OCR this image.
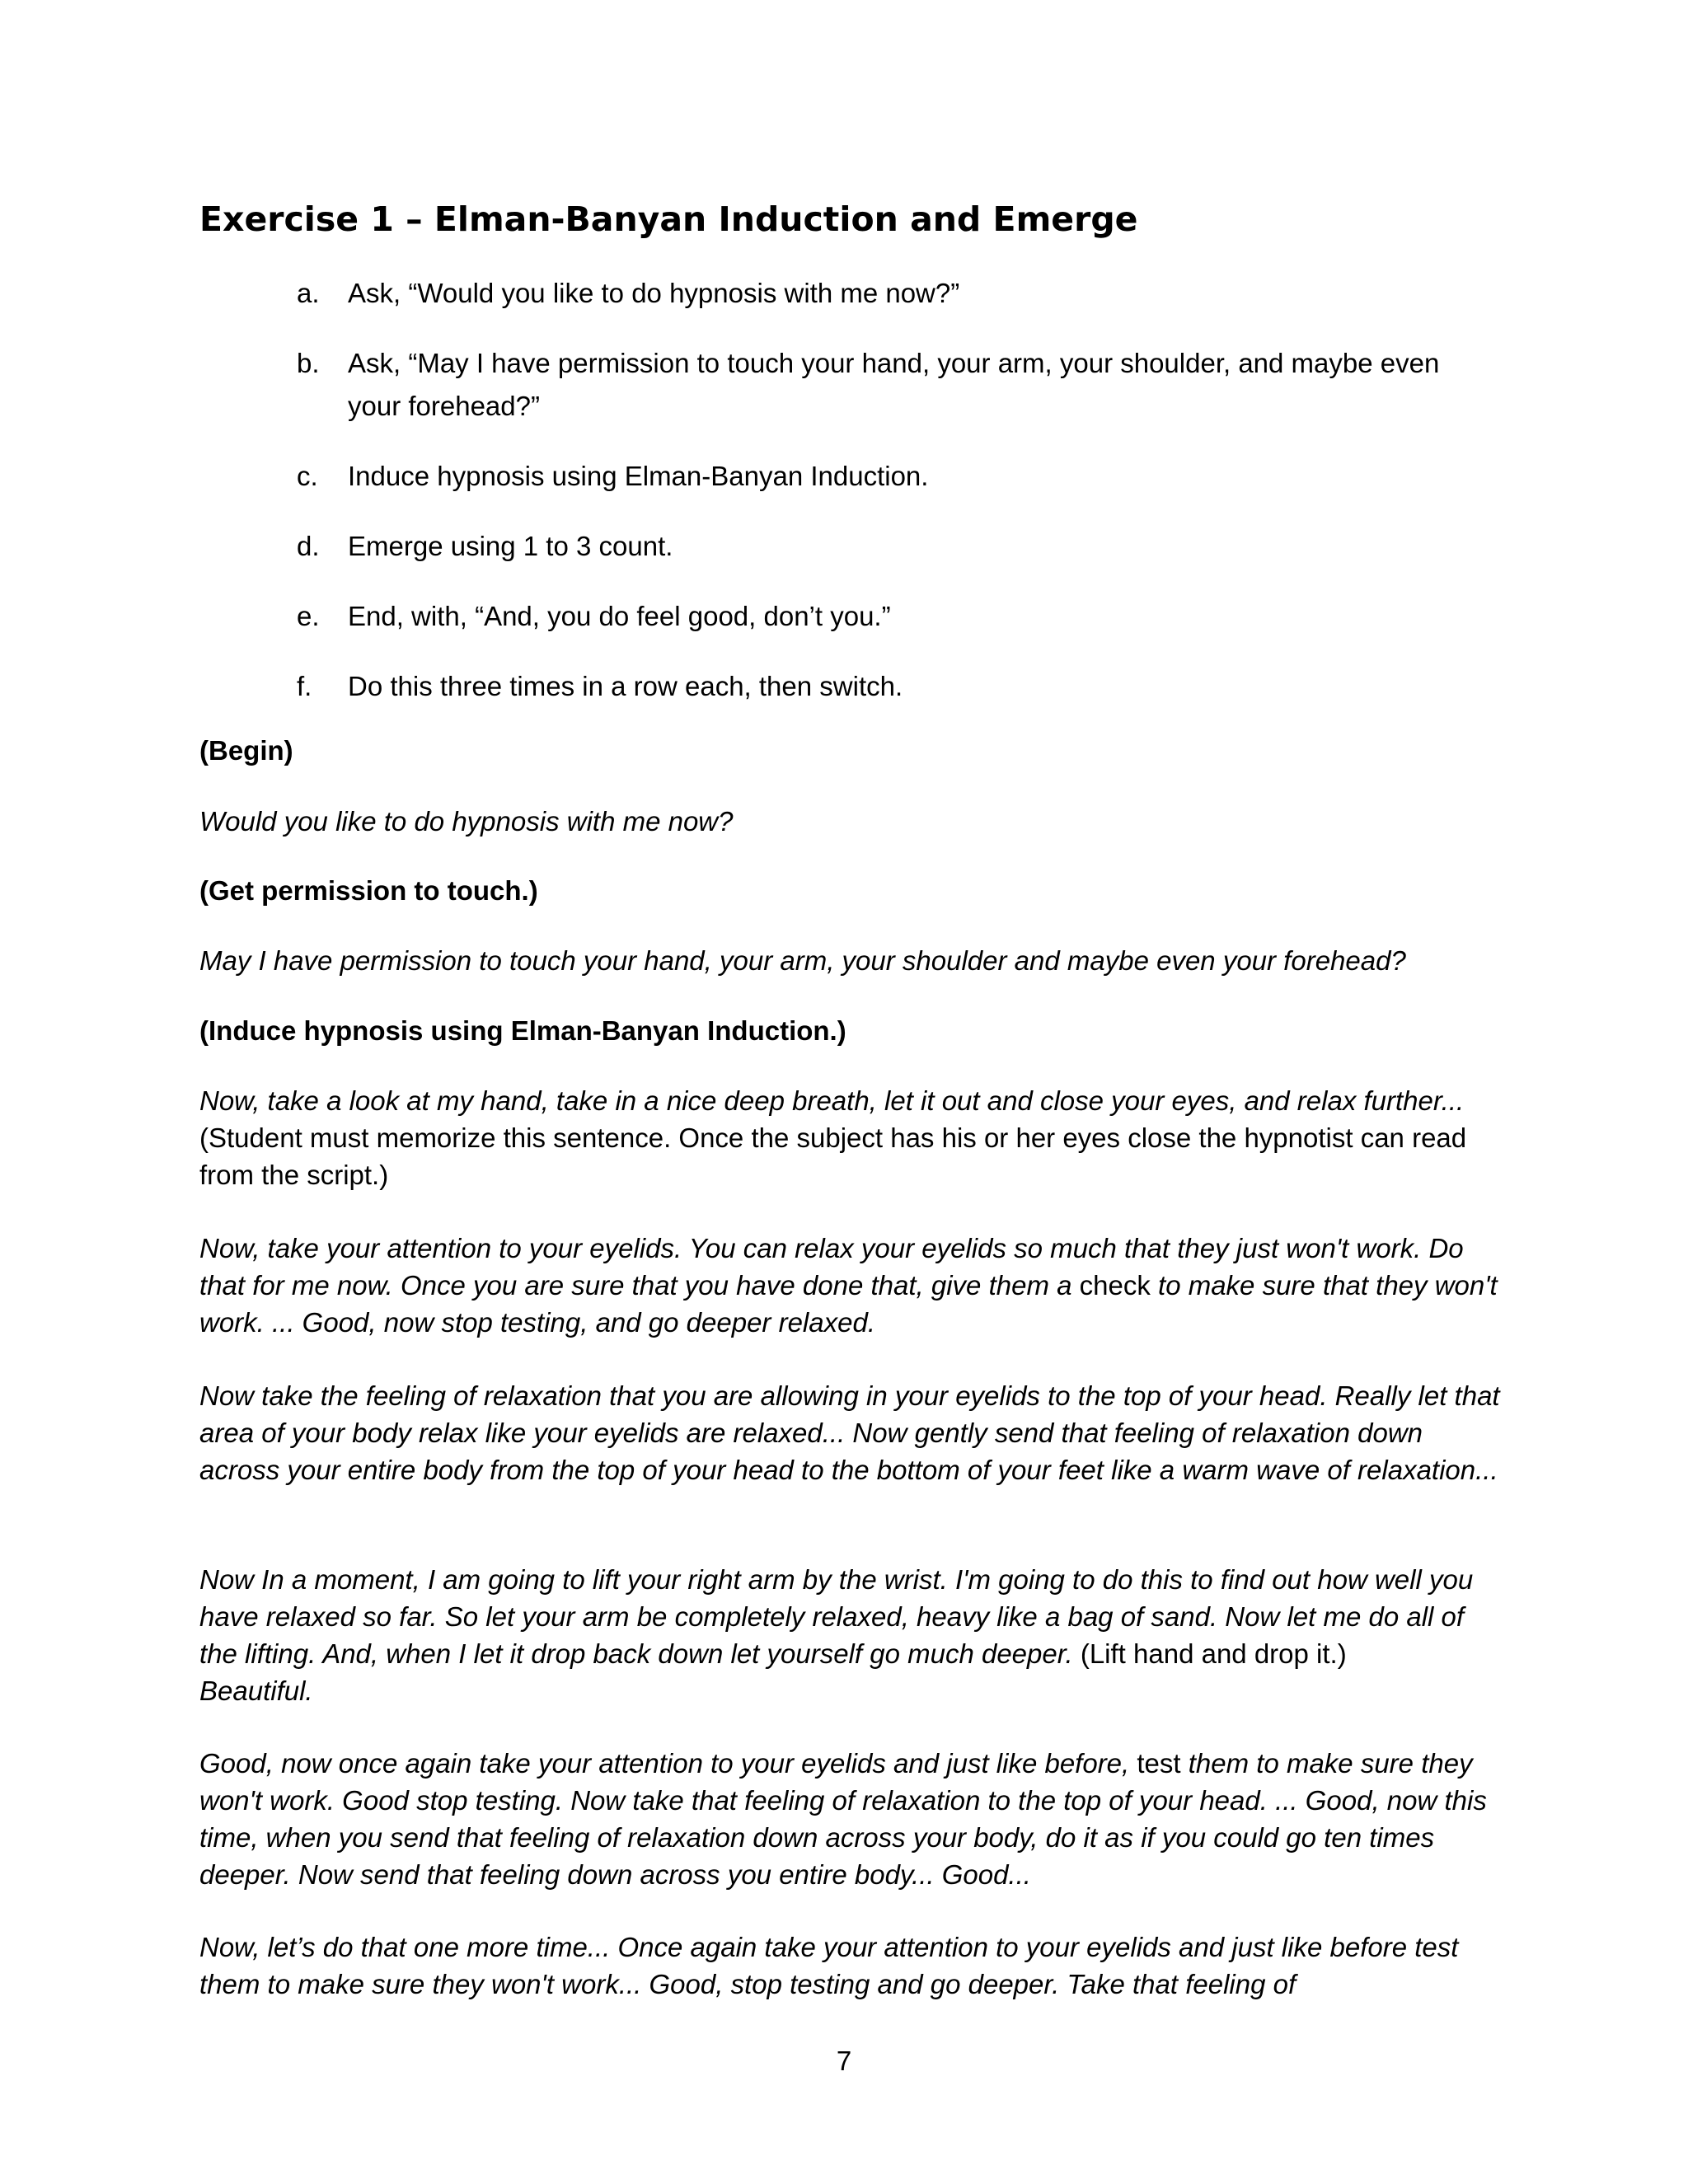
Exercise 1 – Elman-Banyan Induction and Emerge
a. Ask, “Would you like to do hypnosis with me now?”
b. Ask, “May I have permission to touch your hand, your arm, your shoulder, and maybe even your forehead?”
c. Induce hypnosis using Elman-Banyan Induction.
d. Emerge using 1 to 3 count.
e. End, with, “And, you do feel good, don’t you.”
f. Do this three times in a row each, then switch.

(Begin)

Would you like to do hypnosis with me now?

(Get permission to touch.)

May I have permission to touch your hand, your arm, your shoulder and maybe even your forehead?

(Induce hypnosis using Elman-Banyan Induction.)

Now, take a look at my hand, take in a nice deep breath, let it out and close your eyes, and relax further... (Student must memorize this sentence. Once the subject has his or her eyes close the hypnotist can read from the script.)

Now, take your attention to your eyelids. You can relax your eyelids so much that they just won't work. Do that for me now. Once you are sure that you have done that, give them a check to make sure that they won't work. ... Good, now stop testing, and go deeper relaxed.

Now take the feeling of relaxation that you are allowing in your eyelids to the top of your head. Really let that area of your body relax like your eyelids are relaxed... Now gently send that feeling of relaxation down across your entire body from the top of your head to the bottom of your feet like a warm wave of relaxation...

Now In a moment, I am going to lift your right arm by the wrist. I'm going to do this to find out how well you have relaxed so far. So let your arm be completely relaxed, heavy like a bag of sand. Now let me do all of the lifting. And, when I let it drop back down let yourself go much deeper. (Lift hand and drop it.)
Beautiful.

Good, now once again take your attention to your eyelids and just like before, test them to make sure they won't work. Good stop testing. Now take that feeling of relaxation to the top of your head. ... Good, now this time, when you send that feeling of relaxation down across your body, do it as if you could go ten times deeper. Now send that feeling down across you entire body... Good...

Now, let’s do that one more time... Once again take your attention to your eyelids and just like before test them to make sure they won't work... Good, stop testing and go deeper. Take that feeling of

7
